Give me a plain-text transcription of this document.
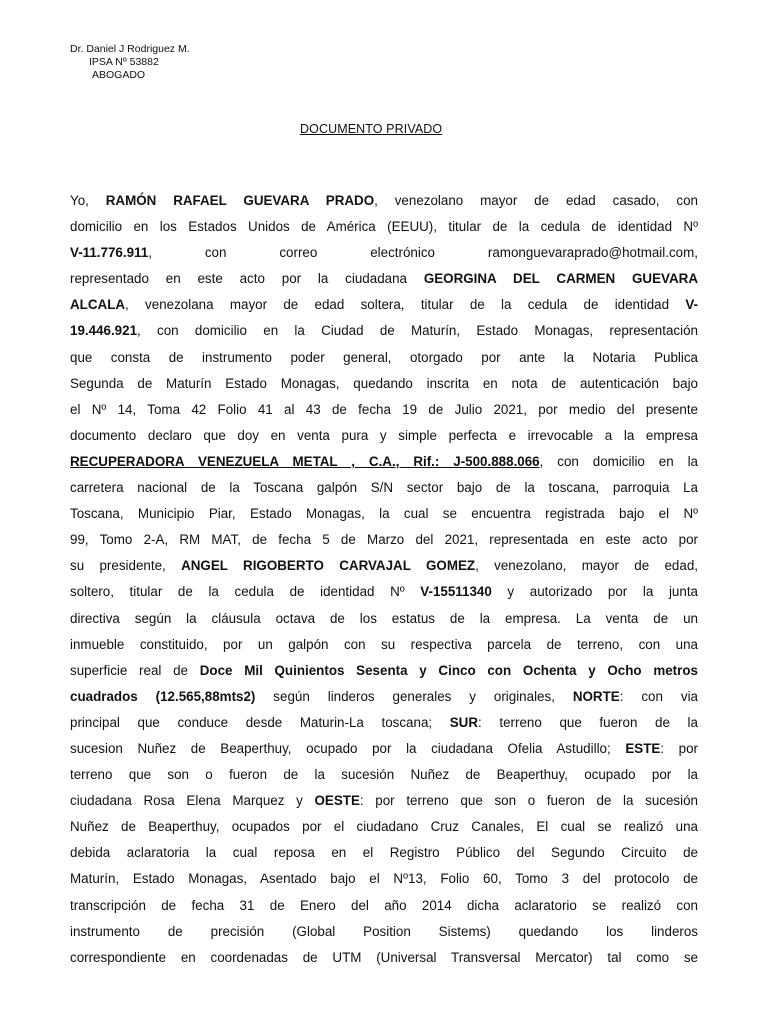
Dr. Daniel J Rodriguez M.
IPSA Nº 53882
ABOGADO
DOCUMENTO PRIVADO
Yo, RAMÓN RAFAEL GUEVARA PRADO, venezolano mayor de edad casado, con
domicilio en los Estados Unidos de América (EEUU), titular de la cedula de identidad Nº
V-11.776.911, con correo electrónico ramonguevaraprado@hotmail.com,
representado en este acto por la ciudadana GEORGINA DEL CARMEN GUEVARA
ALCALA, venezolana mayor de edad soltera, titular de la cedula de identidad V-
19.446.921, con domicilio en la Ciudad de Maturín, Estado Monagas, representación
que consta de instrumento poder general, otorgado por ante la Notaria Publica
Segunda de Maturín Estado Monagas, quedando inscrita en nota de autenticación bajo
el Nº 14, Toma 42 Folio 41 al 43 de fecha 19 de Julio 2021, por medio del presente
documento declaro que doy en venta pura y simple perfecta e irrevocable a la empresa
RECUPERADORA VENEZUELA METAL , C.A., Rif.: J-500.888.066, con domicilio en la
carretera nacional de la Toscana galpón S/N sector bajo de la toscana, parroquia La
Toscana, Municipio Piar, Estado Monagas, la cual se encuentra registrada bajo el Nº
99, Tomo 2-A, RM MAT, de fecha 5 de Marzo del 2021, representada en este acto por
su presidente, ANGEL RIGOBERTO CARVAJAL GOMEZ, venezolano, mayor de edad,
soltero, titular de la cedula de identidad Nº V-15511340 y autorizado por la junta
directiva según la cláusula octava de los estatus de la empresa. La venta de un
inmueble constituido, por un galpón con su respectiva parcela de terreno, con una
superficie real de Doce Mil Quinientos Sesenta y Cinco con Ochenta y Ocho metros
cuadrados (12.565,88mts2) según linderos generales y originales, NORTE: con via
principal que conduce desde Maturin-La toscana; SUR: terreno que fueron de la
sucesion Nuñez de Beaperthuy, ocupado por la ciudadana Ofelia Astudillo; ESTE: por
terreno que son o fueron de la sucesión Nuñez de Beaperthuy, ocupado por la
ciudadana Rosa Elena Marquez y OESTE: por terreno que son o fueron de la sucesión
Nuñez de Beaperthuy, ocupados por el ciudadano Cruz Canales, El cual se realizó una
debida aclaratoria la cual reposa en el Registro Público del Segundo Circuito de
Maturín, Estado Monagas, Asentado bajo el Nº13, Folio 60, Tomo 3 del protocolo de
transcripción de fecha 31 de Enero del año 2014 dicha aclaratorio se realizó con
instrumento de precisión (Global Position Sistems) quedando los linderos
correspondiente en coordenadas de UTM (Universal Transversal Mercator) tal como se
